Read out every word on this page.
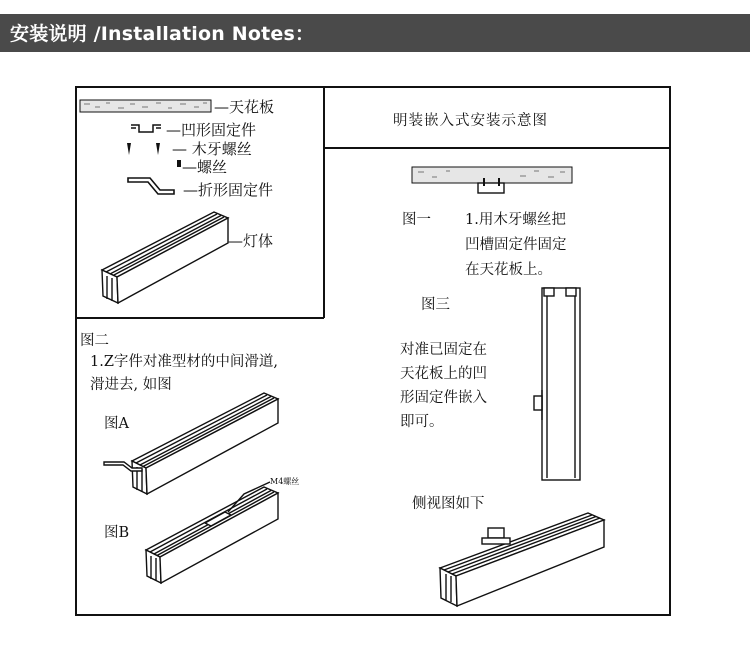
安装说明 /Installation Notes：
—天花板
—凹形固定件
— 木牙螺丝
—螺丝
—折形固定件
—灯体
明装嵌入式安装示意图
图一 1.用木牙螺丝把
凹槽固定件固定
在天花板上。
图三
对准已固定在
天花板上的凹
形固定件嵌入
即可。
侧视图如下
图二
1.Z字件对准型材的中间滑道,
滑进去, 如图
图A
图B
M4螺丝
